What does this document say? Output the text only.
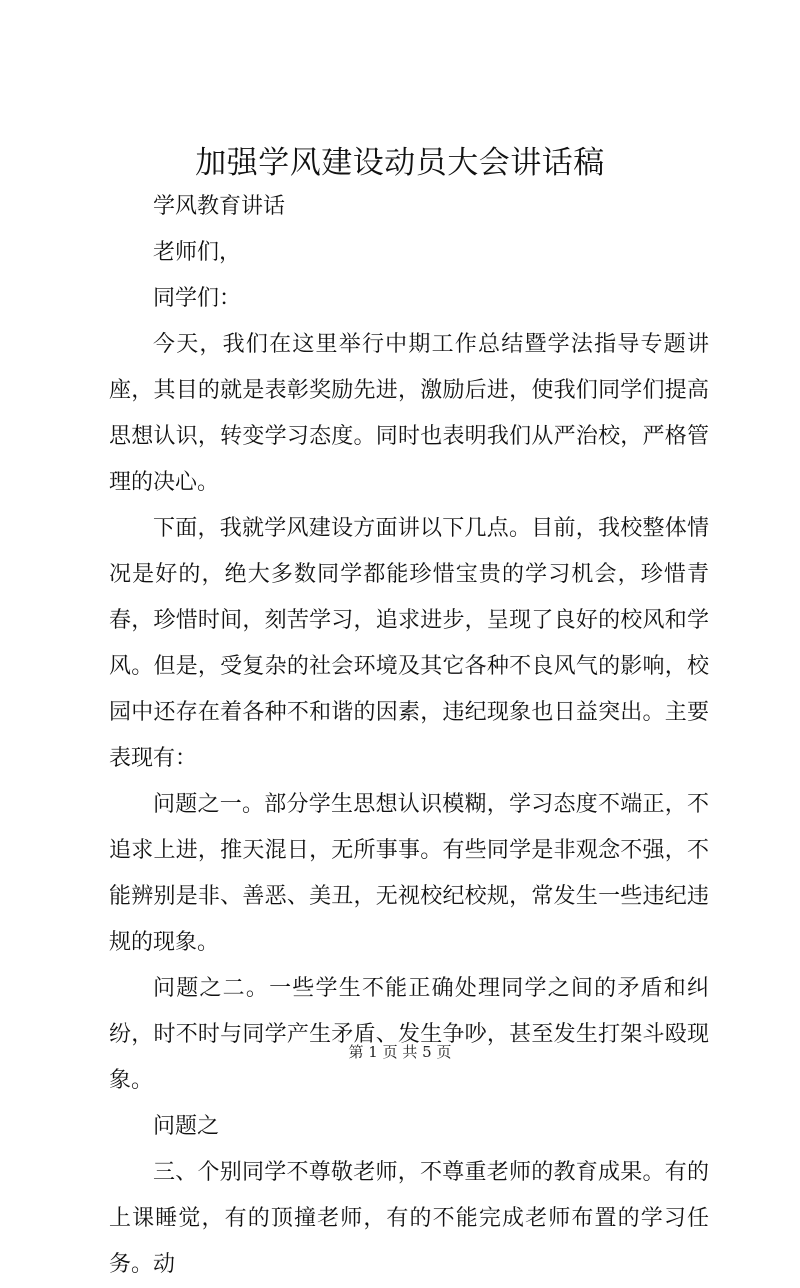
加强学风建设动员大会讲话稿

学风教育讲话

老师们，

同学们：

今天，我们在这里举行中期工作总结暨学法指导专题讲座，其目的就是表彰奖励先进，激励后进，使我们同学们提高思想认识，转变学习态度。同时也表明我们从严治校，严格管理的决心。

下面，我就学风建设方面讲以下几点。目前，我校整体情况是好的，绝大多数同学都能珍惜宝贵的学习机会，珍惜青春，珍惜时间，刻苦学习，追求进步，呈现了良好的校风和学风。但是，受复杂的社会环境及其它各种不良风气的影响，校园中还存在着各种不和谐的因素，违纪现象也日益突出。主要表现有：

问题之一。部分学生思想认识模糊，学习态度不端正，不追求上进，推天混日，无所事事。有些同学是非观念不强，不能辨别是非、善恶、美丑，无视校纪校规，常发生一些违纪违规的现象。

问题之二。一些学生不能正确处理同学之间的矛盾和纠纷，时不时与同学产生矛盾、发生争吵，甚至发生打架斗殴现象。

问题之

三、个别同学不尊敬老师，不尊重老师的教育成果。有的上课睡觉，有的顶撞老师，有的不能完成老师布置的学习任务。动

第 1 页 共 5 页
